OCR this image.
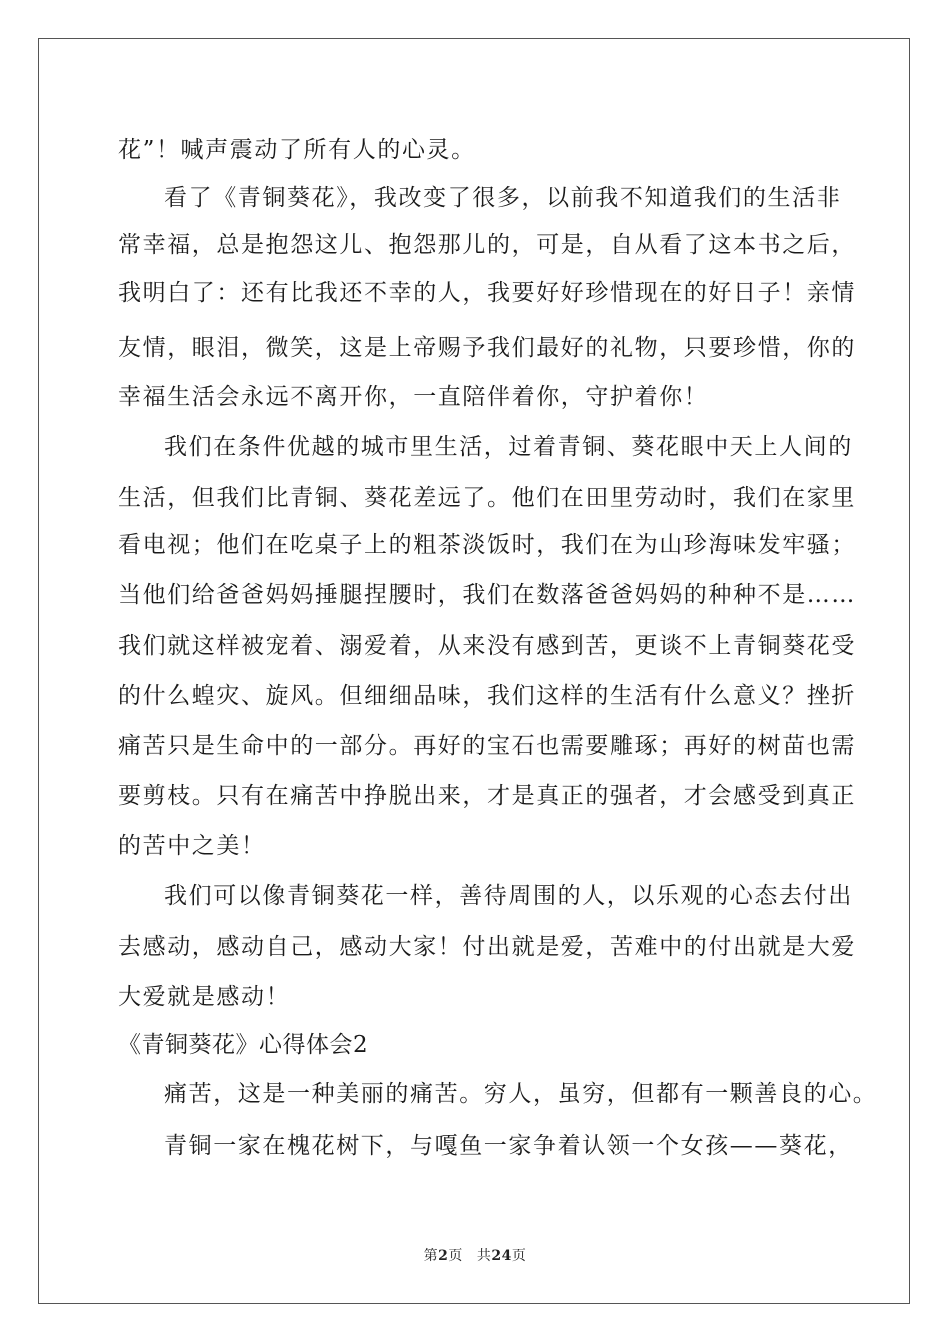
花”！喊声震动了所有人的心灵。
看了《青铜葵花》，我改变了很多，以前我不知道我们的生活非
常幸福，总是抱怨这儿、抱怨那儿的，可是，自从看了这本书之后，
我明白了：还有比我还不幸的人，我要好好珍惜现在的好日子！亲情
友情，眼泪，微笑，这是上帝赐予我们最好的礼物，只要珍惜，你的
幸福生活会永远不离开你，一直陪伴着你，守护着你！
我们在条件优越的城市里生活，过着青铜、葵花眼中天上人间的
生活，但我们比青铜、葵花差远了。他们在田里劳动时，我们在家里
看电视；他们在吃桌子上的粗茶淡饭时，我们在为山珍海味发牢骚；
当他们给爸爸妈妈捶腿捏腰时，我们在数落爸爸妈妈的种种不是……
我们就这样被宠着、溺爱着，从来没有感到苦，更谈不上青铜葵花受
的什么蝗灾、旋风。但细细品味，我们这样的生活有什么意义？挫折
痛苦只是生命中的一部分。再好的宝石也需要雕琢；再好的树苗也需
要剪枝。只有在痛苦中挣脱出来，才是真正的强者，才会感受到真正
的苦中之美！
我们可以像青铜葵花一样，善待周围的人，以乐观的心态去付出
去感动，感动自己，感动大家！付出就是爱，苦难中的付出就是大爱
大爱就是感动！
《青铜葵花》心得体会2
痛苦，这是一种美丽的痛苦。穷人，虽穷，但都有一颗善良的心。
青铜一家在槐花树下，与嘎鱼一家争着认领一个女孩——葵花，
第2页 共24页
